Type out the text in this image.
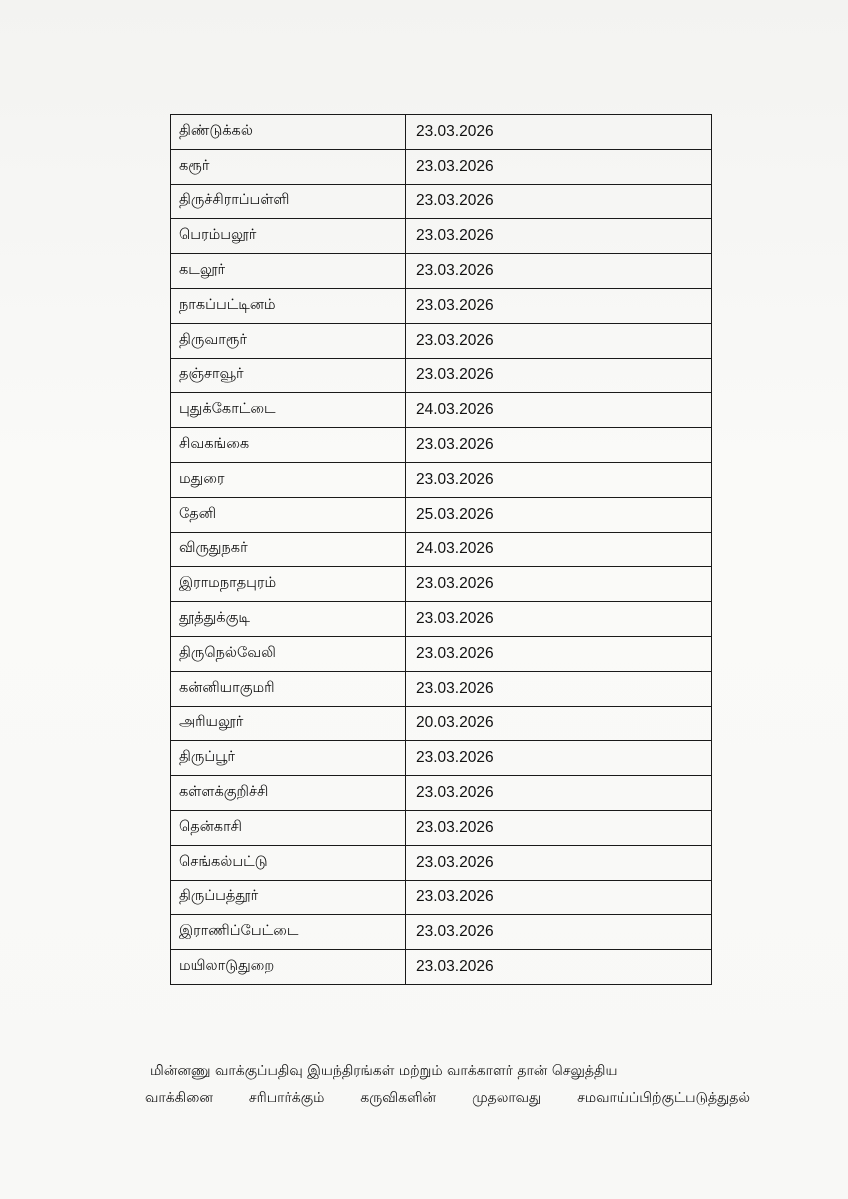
திண்டுக்கல்	23.03.2026
கரூர்	23.03.2026
திருச்சிராப்பள்ளி	23.03.2026
பெரம்பலூர்	23.03.2026
கடலூர்	23.03.2026
நாகப்பட்டினம்	23.03.2026
திருவாரூர்	23.03.2026
தஞ்சாவூர்	23.03.2026
புதுக்கோட்டை	24.03.2026
சிவகங்கை	23.03.2026
மதுரை	23.03.2026
தேனி	25.03.2026
விருதுநகர்	24.03.2026
இராமநாதபுரம்	23.03.2026
தூத்துக்குடி	23.03.2026
திருநெல்வேலி	23.03.2026
கன்னியாகுமரி	23.03.2026
அரியலூர்	20.03.2026
திருப்பூர்	23.03.2026
கள்ளக்குறிச்சி	23.03.2026
தென்காசி	23.03.2026
செங்கல்பட்டு	23.03.2026
திருப்பத்தூர்	23.03.2026
இராணிப்பேட்டை	23.03.2026
மயிலாடுதுறை	23.03.2026

மின்னணு வாக்குப்பதிவு இயந்திரங்கள் மற்றும் வாக்காளர் தான் செலுத்திய

வாக்கினை சரிபார்க்கும் கருவிகளின் முதலாவது சமவாய்ப்பிற்குட்படுத்துதல்
